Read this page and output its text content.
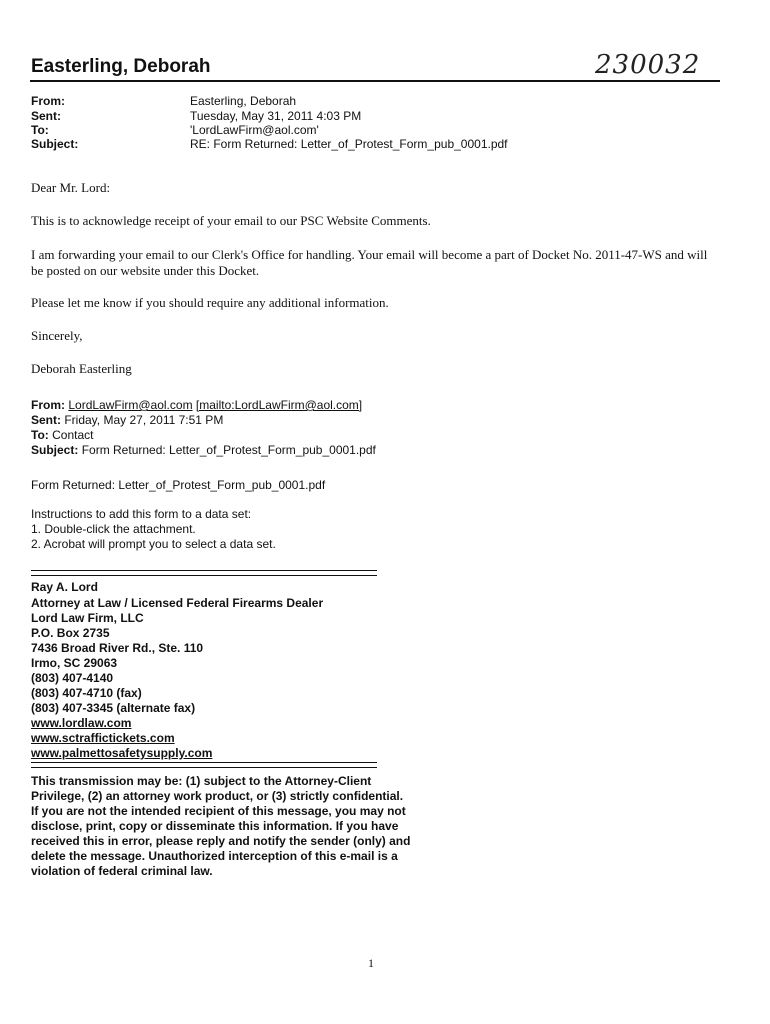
Easterling, Deborah	230032
From:	Easterling, Deborah
Sent:	Tuesday, May 31, 2011 4:03 PM
To:	'LordLawFirm@aol.com'
Subject:	RE: Form Returned: Letter_of_Protest_Form_pub_0001.pdf
Dear Mr. Lord:
This is to acknowledge receipt of your email to our PSC Website Comments.
I am forwarding your email to our Clerk's Office for handling. Your email will become a part of Docket No. 2011-47-WS and will be posted on our website under this Docket.
Please let me know if you should require any additional information.
Sincerely,
Deborah Easterling
From: LordLawFirm@aol.com [mailto:LordLawFirm@aol.com]
Sent: Friday, May 27, 2011 7:51 PM
To: Contact
Subject: Form Returned: Letter_of_Protest_Form_pub_0001.pdf
Form Returned: Letter_of_Protest_Form_pub_0001.pdf
Instructions to add this form to a data set:
1. Double-click the attachment.
2. Acrobat will prompt you to select a data set.
Ray A. Lord
Attorney at Law / Licensed Federal Firearms Dealer
Lord Law Firm, LLC
P.O. Box 2735
7436 Broad River Rd., Ste. 110
Irmo, SC 29063
(803) 407-4140
(803) 407-4710 (fax)
(803) 407-3345 (alternate fax)
www.lordlaw.com
www.sctraffictickets.com
www.palmettosafetysupply.com
This transmission may be: (1) subject to the Attorney-Client Privilege, (2) an attorney work product, or (3) strictly confidential. If you are not the intended recipient of this message, you may not disclose, print, copy or disseminate this information. If you have received this in error, please reply and notify the sender (only) and delete the message. Unauthorized interception of this e-mail is a violation of federal criminal law.
1
